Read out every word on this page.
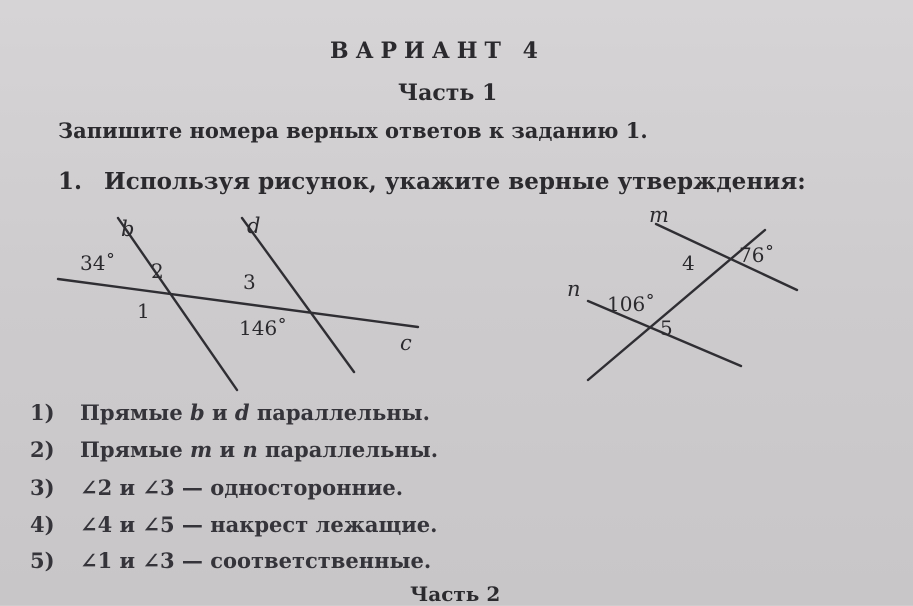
ВАРИАНТ 4
Часть 1
Запишите номера верных ответов к заданию 1.
1. Используя рисунок, укажите верные утверждения:
b	d
c
34˚ 2	3
1
146˚
m
n
76˚
4
106˚
5
1) Прямые b и d параллельны.
2) Прямые m и n параллельны.
3) ∠2 и ∠3 — односторонние.
4) ∠4 и ∠5 — накрест лежащие.
5) ∠1 и ∠3 — соответственные.
Часть 2
